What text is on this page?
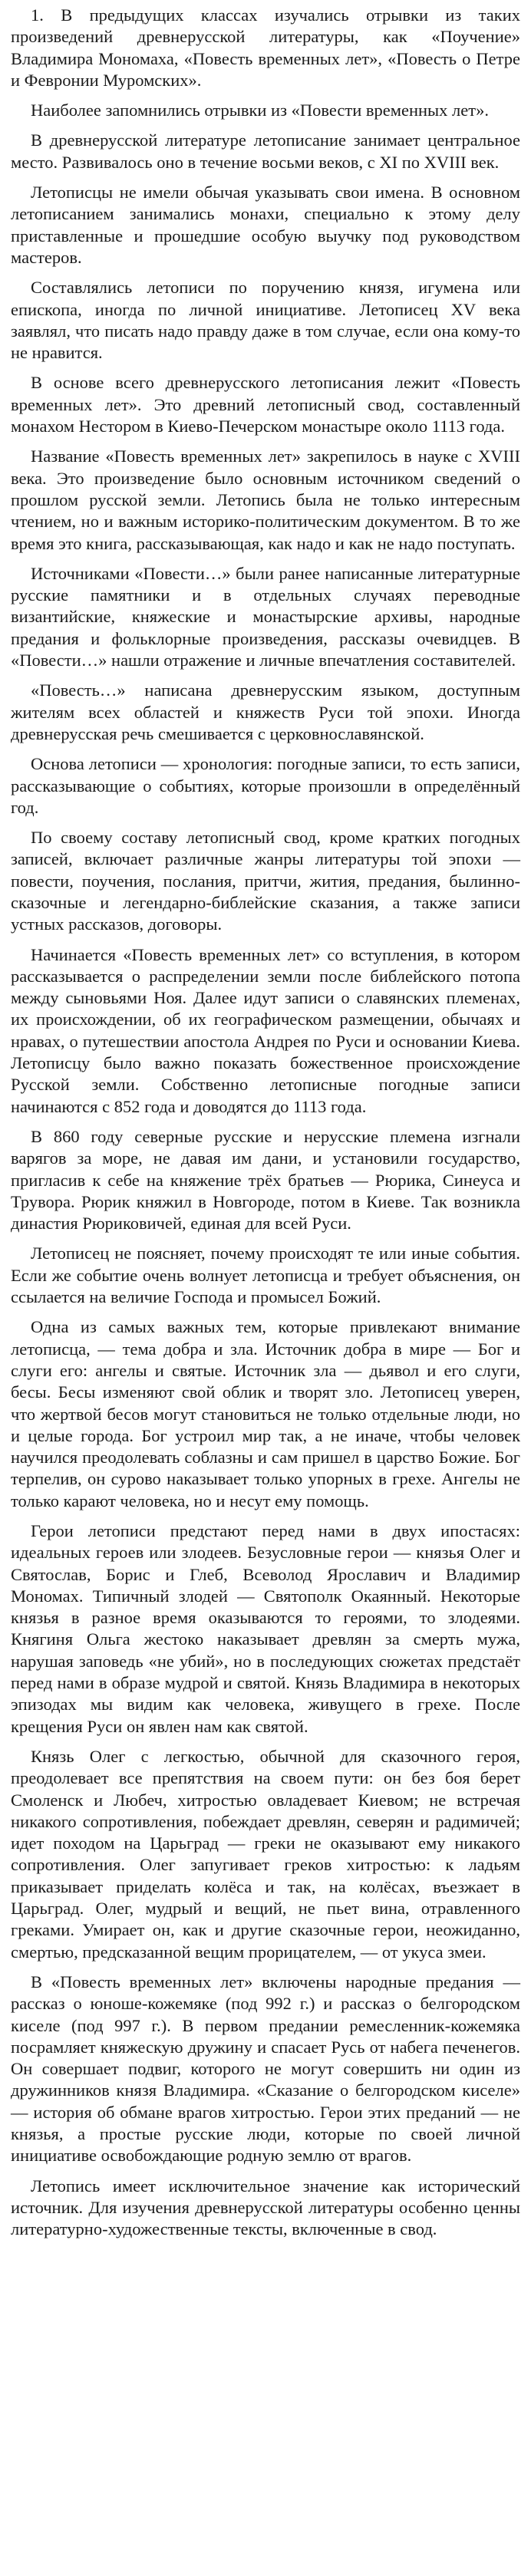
1. В предыдущих классах изучались отрывки из таких произведений древнерусской литературы, как «Поучение» Владимира Мономаха, «Повесть временных лет», «Повесть о Петре и Февронии Муромских».

Наиболее запомнились отрывки из «Повести временных лет».

В древнерусской литературе летописание занимает центральное место. Развивалось оно в течение восьми веков, с XI по XVIII век.

Летописцы не имели обычая указывать свои имена. В основном летописанием занимались монахи, специально к этому делу приставленные и прошедшие особую выучку под руководством мастеров.

Составлялись летописи по поручению князя, игумена или епископа, иногда по личной инициативе. Летописец XV века заявлял, что писать надо правду даже в том случае, если она кому-то не нравится.

В основе всего древнерусского летописания лежит «Повесть временных лет». Это древний летописный свод, составленный монахом Нестором в Киево-Печерском монастыре около 1113 года.

Название «Повесть временных лет» закрепилось в науке с XVIII века. Это произведение было основным источником сведений о прошлом русской земли. Летопись была не только интересным чтением, но и важным историко-политическим документом. В то же время это книга, рассказывающая, как надо и как не надо поступать.

Источниками «Повести…» были ранее написанные литературные русские памятники и в отдельных случаях переводные византийские, княжеские и монастырские архивы, народные предания и фольклорные произведения, рассказы очевидцев. В «Повести…» нашли отражение и личные впечатления составителей.

«Повесть…» написана древнерусским языком, доступным жителям всех областей и княжеств Руси той эпохи. Иногда древнерусская речь смешивается с церковнославянской.

Основа летописи — хронология: погодные записи, то есть записи, рассказывающие о событиях, которые произошли в определённый год.

По своему составу летописный свод, кроме кратких погодных записей, включает различные жанры литературы той эпохи — повести, поучения, послания, притчи, жития, предания, былинно-сказочные и легендарно-библейские сказания, а также записи устных рассказов, договоры.

Начинается «Повесть временных лет» со вступления, в котором рассказывается о распределении земли после библейского потопа между сыновьями Ноя. Далее идут записи о славянских племенах, их происхождении, об их географическом размещении, обычаях и нравах, о путешествии апостола Андрея по Руси и основании Киева. Летописцу было важно показать божественное происхождение Русской земли. Собственно летописные погодные записи начинаются с 852 года и доводятся до 1113 года.

В 860 году северные русские и нерусские племена изгнали варягов за море, не давая им дани, и установили государство, пригласив к себе на княжение трёх братьев — Рюрика, Синеуса и Трувора. Рюрик княжил в Новгороде, потом в Киеве. Так возникла династия Рюриковичей, единая для всей Руси.

Летописец не поясняет, почему происходят те или иные события. Если же событие очень волнует летописца и требует объяснения, он ссылается на величие Господа и промысел Божий.

Одна из самых важных тем, которые привлекают внимание летописца, — тема добра и зла. Источник добра в мире — Бог и слуги его: ангелы и святые. Источник зла — дьявол и его слуги, бесы. Бесы изменяют свой облик и творят зло. Летописец уверен, что жертвой бесов могут становиться не только отдельные люди, но и целые города. Бог устроил мир так, а не иначе, чтобы человек научился преодолевать соблазны и сам пришел в царство Божие. Бог терпелив, он сурово наказывает только упорных в грехе. Ангелы не только карают человека, но и несут ему помощь.

Герои летописи предстают перед нами в двух ипостасях: идеальных героев или злодеев. Безусловные герои — князья Олег и Святослав, Борис и Глеб, Всеволод Ярославич и Владимир Мономах. Типичный злодей — Святополк Окаянный. Некоторые князья в разное время оказываются то героями, то злодеями. Княгиня Ольга жестоко наказывает древлян за смерть мужа, нарушая заповедь «не убий», но в последующих сюжетах предстаёт перед нами в образе мудрой и святой. Князь Владимира в некоторых эпизодах мы видим как человека, живущего в грехе. После крещения Руси он явлен нам как святой.

Князь Олег с легкостью, обычной для сказочного героя, преодолевает все препятствия на своем пути: он без боя берет Смоленск и Любеч, хитростью овладевает Киевом; не встречая никакого сопротивления, побеждает древлян, северян и радимичей; идет походом на Царьград — греки не оказывают ему никакого сопротивления. Олег запугивает греков хитростью: к ладьям приказывает приделать колёса и так, на колёсах, въезжает в Царьград. Олег, мудрый и вещий, не пьет вина, отравленного греками. Умирает он, как и другие сказочные герои, неожиданно, смертью, предсказанной вещим прорицателем, — от укуса змеи.

В «Повесть временных лет» включены народные предания — рассказ о юноше-кожемяке (под 992 г.) и рассказ о белгородском киселе (под 997 г.). В первом предании ремесленник-кожемяка посрамляет княжескую дружину и спасает Русь от набега печенегов. Он совершает подвиг, которого не могут совершить ни один из дружинников князя Владимира. «Сказание о белгородском киселе» — история об обмане врагов хитростью. Герои этих преданий — не князья, а простые русские люди, которые по своей личной инициативе освобождающие родную землю от врагов.

Летопись имеет исключительное значение как исторический источник. Для изучения древнерусской литературы особенно ценны литературно-художественные тексты, включенные в свод.
